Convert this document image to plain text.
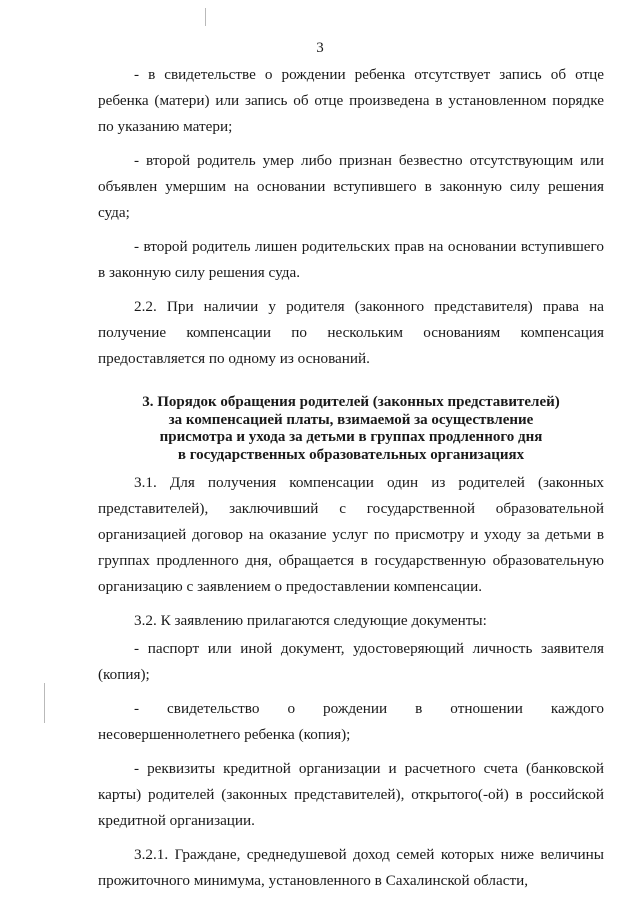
3

- в свидетельстве о рождении ребенка отсутствует запись об отце ребенка (матери) или запись об отце произведена в установленном порядке по указанию матери;

- второй родитель умер либо признан безвестно отсутствующим или объявлен умершим на основании вступившего в законную силу решения суда;

- второй родитель лишен родительских прав на основании вступившего в законную силу решения суда.

2.2. При наличии у родителя (законного представителя) права на получение компенсации по нескольким основаниям компенсация предоставляется по одному из оснований.

3. Порядок обращения родителей (законных представителей)
за компенсацией платы, взимаемой за осуществление
присмотра и ухода за детьми в группах продленного дня
в государственных образовательных организациях

3.1. Для получения компенсации один из родителей (законных представителей), заключивший с государственной образовательной организацией договор на оказание услуг по присмотру и уходу за детьми в группах продленного дня, обращается в государственную образовательную организацию с заявлением о предоставлении компенсации.

3.2. К заявлению прилагаются следующие документы:

- паспорт или иной документ, удостоверяющий личность заявителя (копия);

- свидетельство о рождении в отношении каждого несовершеннолетнего ребенка (копия);

- реквизиты кредитной организации и расчетного счета (банковской карты) родителей (законных представителей), открытого(-ой) в российской кредитной организации.

3.2.1. Граждане, среднедушевой доход семей которых ниже величины прожиточного минимума, установленного в Сахалинской области,
